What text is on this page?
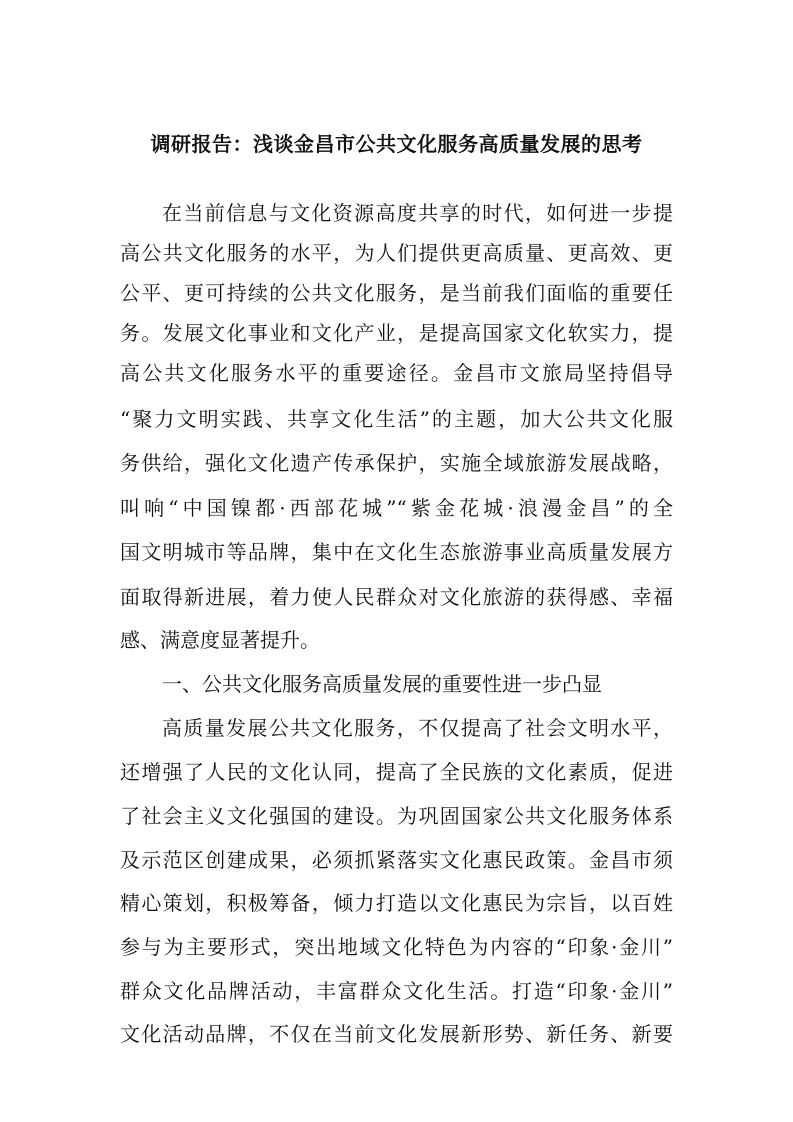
调研报告：浅谈金昌市公共文化服务高质量发展的思考
在当前信息与文化资源高度共享的时代，如何进一步提
高公共文化服务的水平，为人们提供更高质量、更高效、更
公平、更可持续的公共文化服务，是当前我们面临的重要任
务。发展文化事业和文化产业，是提高国家文化软实力，提
高公共文化服务水平的重要途径。金昌市文旅局坚持倡导
“聚力文明实践、共享文化生活”的主题，加大公共文化服
务供给，强化文化遗产传承保护，实施全域旅游发展战略，
叫响“中国镍都·西部花城”“紫金花城·浪漫金昌”的全
国文明城市等品牌，集中在文化生态旅游事业高质量发展方
面取得新进展，着力使人民群众对文化旅游的获得感、幸福
感、满意度显著提升。
一、公共文化服务高质量发展的重要性进一步凸显
高质量发展公共文化服务，不仅提高了社会文明水平，
还增强了人民的文化认同，提高了全民族的文化素质，促进
了社会主义文化强国的建设。为巩固国家公共文化服务体系
及示范区创建成果，必须抓紧落实文化惠民政策。金昌市须
精心策划，积极筹备，倾力打造以文化惠民为宗旨，以百姓
参与为主要形式，突出地域文化特色为内容的“印象·金川”
群众文化品牌活动，丰富群众文化生活。打造“印象·金川”
文化活动品牌，不仅在当前文化发展新形势、新任务、新要
